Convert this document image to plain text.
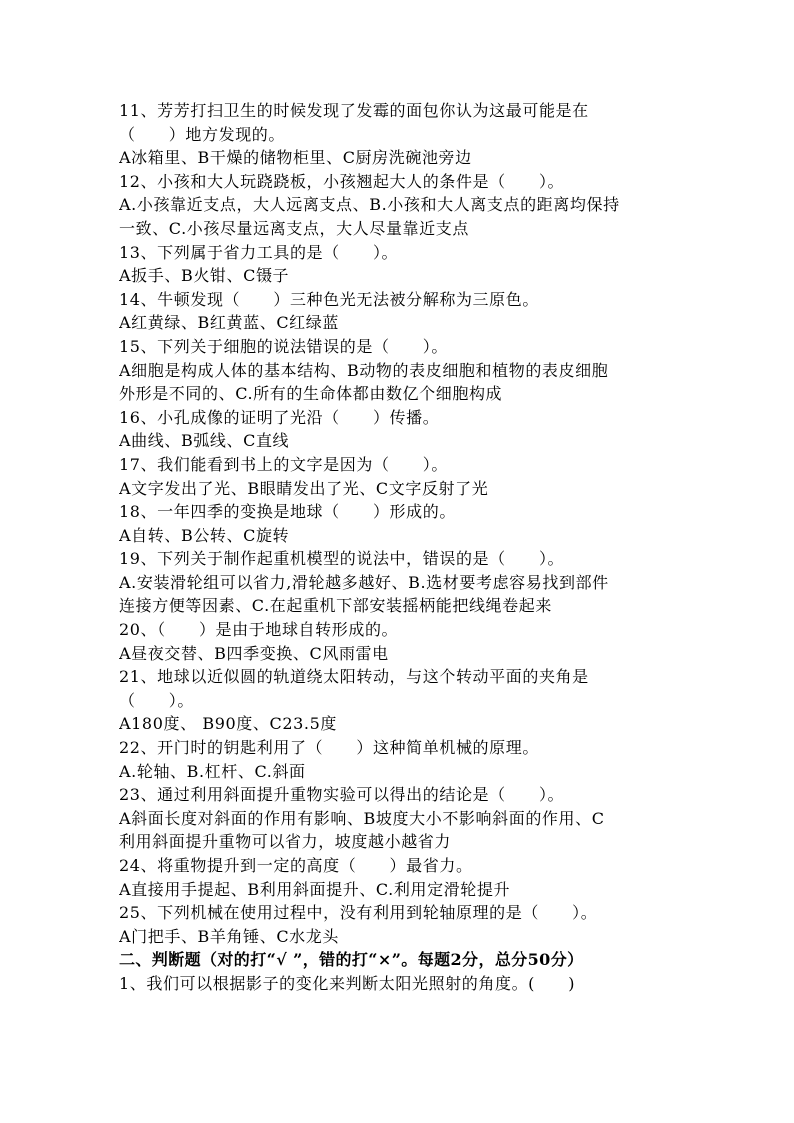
11、芳芳打扫卫生的时候发现了发霉的面包你认为这最可能是在
（　　）地方发现的。
A冰箱里、B干燥的储物柜里、C厨房洗碗池旁边
12、小孩和大人玩跷跷板，小孩翘起大人的条件是（　　）。
A.小孩靠近支点，大人远离支点、B.小孩和大人离支点的距离均保持
一致、C.小孩尽量远离支点，大人尽量靠近支点
13、下列属于省力工具的是（　　）。
A扳手、B火钳、C镊子
14、牛顿发现（　　）三种色光无法被分解称为三原色。
A红黄绿、B红黄蓝、C红绿蓝
15、下列关于细胞的说法错误的是（　　）。
A细胞是构成人体的基本结构、B动物的表皮细胞和植物的表皮细胞
外形是不同的、C.所有的生命体都由数亿个细胞构成
16、小孔成像的证明了光沿（　　）传播。
A曲线、B弧线、C直线
17、我们能看到书上的文字是因为（　　）。
A文字发出了光、B眼睛发出了光、C文字反射了光
18、一年四季的变换是地球（　　）形成的。
A自转、B公转、C旋转
19、下列关于制作起重机模型的说法中，错误的是（　　）。
A.安装滑轮组可以省力,滑轮越多越好、B.选材要考虑容易找到部件
连接方便等因素、C.在起重机下部安装摇柄能把线绳卷起来
20、（　　）是由于地球自转形成的。
A昼夜交替、B四季变换、C风雨雷电
21、地球以近似圆的轨道绕太阳转动，与这个转动平面的夹角是
（　　）。
A180度、 B90度、C23.5度
22、开门时的钥匙利用了（　　）这种简单机械的原理。
A.轮轴、B.杠杆、C.斜面
23、通过利用斜面提升重物实验可以得出的结论是（　　）。
A斜面长度对斜面的作用有影响、B坡度大小不影响斜面的作用、C
利用斜面提升重物可以省力，坡度越小越省力
24、将重物提升到一定的高度（　　）最省力。
A直接用手提起、B利用斜面提升、C.利用定滑轮提升
25、下列机械在使用过程中，没有利用到轮轴原理的是（　　）。
A门把手、B羊角锤、C水龙头
二、判断题（对的打“√ ”，错的打“×”。每题2分，总分50分）
1、我们可以根据影子的变化来判断太阳光照射的角度。(　　)
